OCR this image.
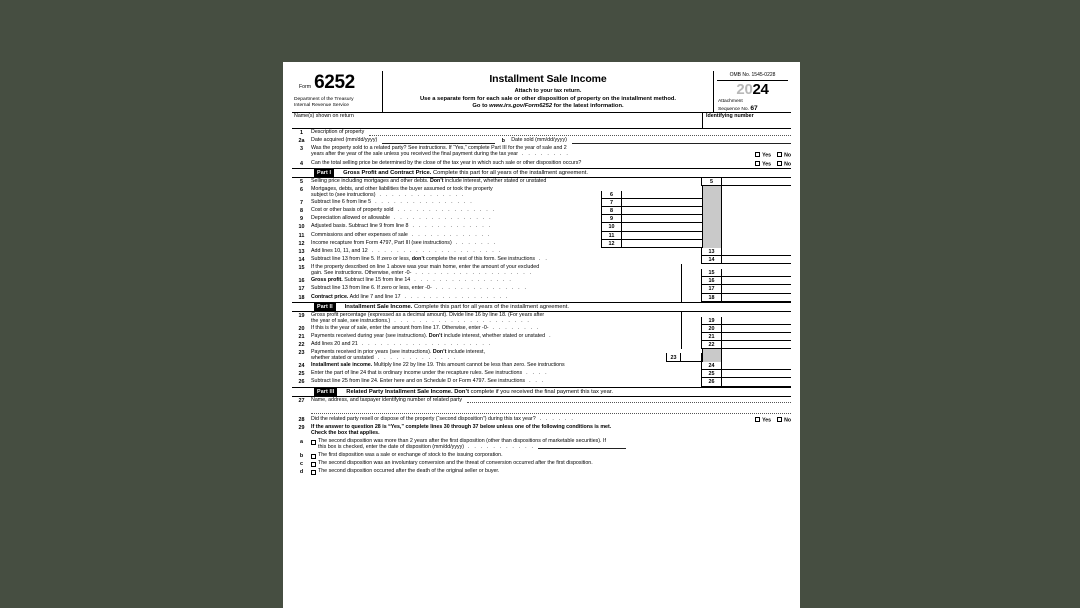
Form 6252
Department of the Treasury
Internal Revenue Service
Installment Sale Income
Attach to your tax return.
Use a separate form for each sale or other disposition of property on the installment method.
Go to www.irs.gov/Form6252 for the latest information.
OMB No. 1545-0228
2024
Attachment
Sequence No. 67
Name(s) shown on return	Identifying number
1	Description of property
2a	Date acquired (mm/dd/yyyy)	b	Date sold (mm/dd/yyyy)
3	Was the property sold to a related party? See instructions. If “Yes,” complete Part III for the year of sale and 2
years after the year of the sale unless you received the final payment during the tax year . . . . . . . .	Yes	No
4	Can the total selling price be determined by the close of the tax year in which such sale or other disposition occurs?	Yes	No
Part I	Gross Profit and Contract Price. Complete this part for all years of the installment agreement.
5	Selling price including mortgages and other debts. Don’t include interest, whether stated or unstated	5
6	Mortgages, debts, and other liabilities the buyer assumed or took the property
subject to (see instructions) . . . . . . . . . . . . . .	6
7	Subtract line 6 from line 5 . . . . . . . . . . . . . . . .	7
8	Cost or other basis of property sold . . . . . . . . . . . . . . . .	8
9	Depreciation allowed or allowable . . . . . . . . . . . . . . . .	9
10	Adjusted basis. Subtract line 9 from line 8 . . . . . . . . . . . . .	10
11	Commissions and other expenses of sale . . . . . . . . . . . . .	11
12	Income recapture from Form 4797, Part III (see instructions) . . . . . . .	12
13	Add lines 10, 11, and 12 . . . . . . . . . . . . . . . . . . . . .	13
14	Subtract line 13 from line 5. If zero or less, don’t complete the rest of this form. See instructions . .	14
15	If the property described on line 1 above was your main home, enter the amount of your excluded
gain. See instructions. Otherwise, enter -0- . . . . . . . . . . . . . . . . . . .	15
16	Gross profit. Subtract line 15 from line 14 . . . . . . . . . . . . . . . .	16
17	Subtract line 13 from line 6. If zero or less, enter -0- . . . . . . . . . . . . . . .	17
18	Contract price. Add line 7 and line 17 . . . . . . . . . . . . . . . . .	18
Part II	Installment Sale Income. Complete this part for all years of the installment agreement.
19	Gross profit percentage (expressed as a decimal amount). Divide line 16 by line 18. (For years after
the year of sale, see instructions.) . . . . . . . . . . . . . . . . . . . . . .	19
20	If this is the year of sale, enter the amount from line 17. Otherwise, enter -0- . . . . . . . .	20
21	Payments received during year (see instructions). Don’t include interest, whether stated or unstated .	21
22	Add lines 20 and 21 . . . . . . . . . . . . . . . . . . . . .	22
23	Payments received in prior years (see instructions). Don’t include interest,
whether stated or unstated . . . . . . . . . . . . .	23
24	Installment sale income. Multiply line 22 by line 19. This amount cannot be less than zero. See instructions	24
25	Enter the part of line 24 that is ordinary income under the recapture rules. See instructions . . . .	25
26	Subtract line 25 from line 24. Enter here and on Schedule D or Form 4797. See instructions . . .	26
Part III	Related Party Installment Sale Income. Don’t complete if you received the final payment this tax year.
27	Name, address, and taxpayer identifying number of related party
28	Did the related party resell or dispose of the property (“second disposition”) during this tax year? . . . . . .	Yes	No
29	If the answer to question 28 is “Yes,” complete lines 30 through 37 below unless one of the following conditions is met.
Check the box that applies.
a	The second disposition was more than 2 years after the first disposition (other than dispositions of marketable securities). If
this box is checked, enter the date of disposition (mm/dd/yyyy) . . . . . . . . . . .
b	The first disposition was a sale or exchange of stock to the issuing corporation.
c	The second disposition was an involuntary conversion and the threat of conversion occurred after the first disposition.
d	The second disposition occurred after the death of the original seller or buyer.
